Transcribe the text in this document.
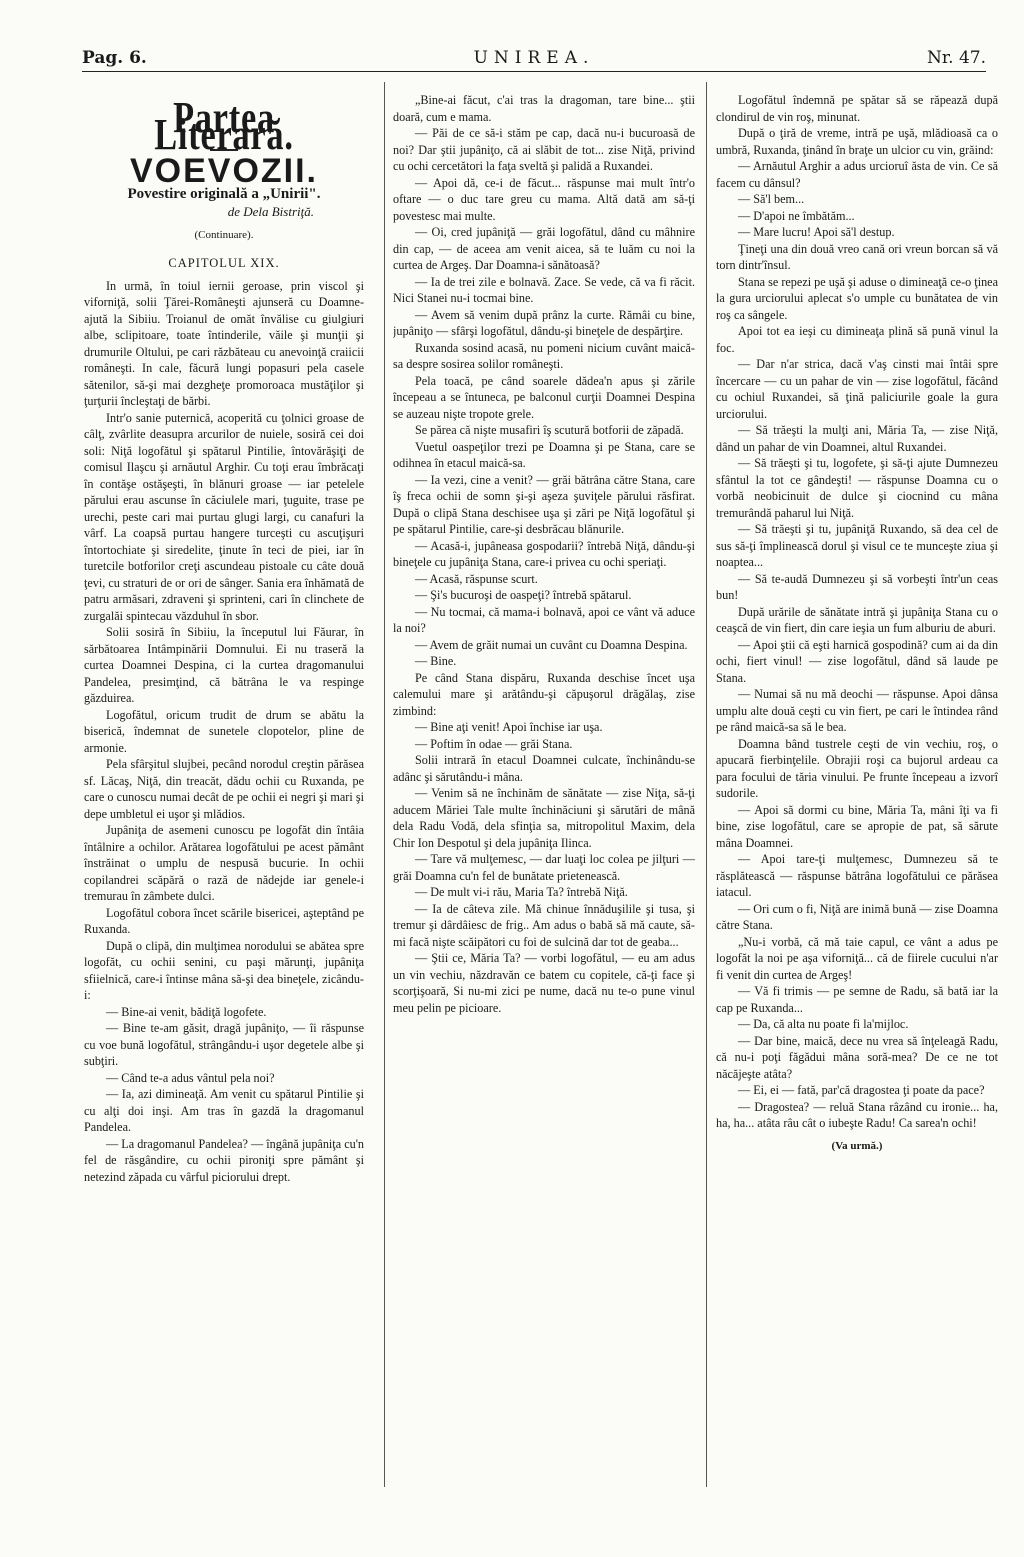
Pag. 6.	UNIREA.	Nr. 47.
Partea Literară.
VOEVOZII.
Povestire originală a „Unirii".
de Dela Bistriţă.
(Continuare).
CAPITOLUL XIX.

In urmă, în toiul iernii geroase, prin viscol şi viforniţă, solii Ţărei-Româneşti ajunseră cu Doamne-ajută la Sibiiu. Troianul de omăt învălise cu giulgiuri albe, sclipitoare, toate întinderile, văile şi munţii şi drumurile Oltului, pe cari răzbăteau cu anevoinţă craiicii româneşti. In cale, făcură lungi popasuri pela casele sătenilor, să-şi mai dezgheţe promoroaca mustăţilor şi ţurţurii încleştaţi de bărbi.

Intr'o sanie puternică, acoperită cu ţolnici groase de câlţ, zvârlite deasupra arcurilor de nuiele, sosiră cei doi soli: Niţă logofătul şi spătarul Pintilie, întovărăşiţi de comisul Ilaşcu şi arnăutul Arghir. Cu toţi erau îmbrăcaţi în contăşe ostăşeşti, în blănuri groase — iar petelele părului erau ascunse în căciulele mari, ţuguite, trase pe urechi, peste cari mai purtau glugi largi, cu canafuri la vârf. La coapsă purtau hangere turceşti cu ascuţişuri întortochiate şi siredelite, ţinute în teci de piei, iar în turetcile botforilor creţi ascundeau pistoale cu câte două ţevi, cu straturi de or ori de sânger. Sania era înhămată de patru armăsari, zdraveni şi sprinteni, cari în clinchete de zurgalăi spintecau văzduhul în sbor.

Solii sosiră în Sibiiu, la începutul lui Făurar, în sărbătoarea Intâmpinării Domnului. Ei nu traseră la curtea Doamnei Despina, ci la curtea dragomanului Pandelea, presimţind, că bătrâna le va respinge găzduirea.

Logofătul, oricum trudit de drum se abătu la biserică, îndemnat de sunetele clopotelor, pline de armonie.

Pela sfârşitul slujbei, pecând norodul creştin părăsea sf. Lăcaş, Niţă, din treacăt, dădu ochii cu Ruxanda, pe care o cunoscu numai decât de pe ochii ei negri şi mari şi depe umbletul ei uşor şi mlădios.

Jupâniţa de asemeni cunoscu pe logofăt din întâia întâlnire a ochilor. Arătarea logofătului pe acest pământ înstrăinat o umplu de nespusă bucurie. In ochii copilandrei scăpără o rază de nădejde iar genele-i tremurau în zâmbete dulci.

Logofătul cobora încet scările bisericei, aşteptând pe Ruxanda.

După o clipă, din mulţimea norodului se abătea spre logofăt, cu ochii senini, cu paşi mărunţi, jupâniţa sfiielnică, care-i întinse mâna să-şi dea bineţele, zicându-i:

— Bine-ai venit, bădiţă logofete.

— Bine te-am găsit, dragă jupâniţo, — îi răspunse cu voe bună logofătul, strângându-i uşor degetele albe şi subţiri.

— Când te-a adus vântul pela noi?

— Ia, azi dimineaţă. Am venit cu spătarul Pintilie şi cu alţi doi inşi. Am tras în gazdă la dragomanul Pandelea.

— La dragomanul Pandelea? — îngână jupâniţa cu'n fel de răsgândire, cu ochii pironiţi spre pământ şi netezind zăpada cu vârful piciorului drept.

„Bine-ai făcut, c'ai tras la dragoman, tare bine... ştii doară, cum e mama.

— Păi de ce să-i stăm pe cap, dacă nu-i bucuroasă de noi? Dar ştii jupâniţo, că ai slăbit de tot... zise Niţă, privind cu ochi cercetători la faţa sveltă şi palidă a Ruxandei.

— Apoi dă, ce-i de făcut... răspunse mai mult într'o oftare — o duc tare greu cu mama. Altă dată am să-ţi povestesc mai multe.

— Oi, cred jupâniţă — grăi logofătul, dând cu mâhnire din cap, — de aceea am venit aicea, să te luăm cu noi la curtea de Argeş. Dar Doamna-i sănătoasă?

— Ia de trei zile e bolnavă. Zace. Se vede, că va fi răcit. Nici Stanei nu-i tocmai bine.

— Avem să venim după prânz la curte. Rămâi cu bine, jupâniţo — sfârşi logofătul, dându-şi bineţele de despărţire.

Ruxanda sosind acasă, nu pomeni nicium cuvânt maică-sa despre sosirea solilor româneşti.

Pela toacă, pe când soarele dădea'n apus şi zările începeau a se întuneca, pe balconul curţii Doamnei Despina se auzeau nişte tropote grele.

Se părea că nişte musafiri îş scutură botforii de zăpadă.

Vuetul oaspeţilor trezi pe Doamna şi pe Stana, care se odihnea în etacul maică-sa.

— Ia vezi, cine a venit? — grăi bătrâna către Stana, care îş freca ochii de somn şi-şi aşeza şuviţele părului răsfirat. După o clipă Stana deschisee uşa şi zări pe Niţă logofătul şi pe spătarul Pintilie, care-şi desbrăcau blănurile.

— Acasă-i, jupâneasa gospodarii? întrebă Niţă, dându-şi bineţele cu jupâniţa Stana, care-i privea cu ochi speriaţi.

— Acasă, răspunse scurt.

— Şi's bucuroşi de oaspeţi? întrebă spătarul.

— Nu tocmai, că mama-i bolnavă, apoi ce vânt vă aduce la noi?

— Avem de grăit numai un cuvânt cu Doamna Despina.

— Bine.

Pe când Stana dispăru, Ruxanda deschise încet uşa calemului mare şi arătându-şi căpuşorul drăgălaş, zise zimbind:

— Bine aţi venit! Apoi închise iar uşa.

— Poftim în odae — grăi Stana.

Solii intrară în etacul Doamnei culcate, închinându-se adânc şi sărutându-i mâna.

— Venim să ne închinăm de sănătate — zise Niţa, să-ţi aducem Măriei Tale multe închinăciuni şi sărutări de mână dela Radu Vodă, dela sfinţia sa, mitropolitul Maxim, dela Chir Ion Despotul şi dela jupâniţa Ilinca.

— Tare vă mulţemesc, — dar luaţi loc colea pe jilţuri — grăi Doamna cu'n fel de bunătate prietenească.

— De mult vi-i rău, Maria Ta? întrebă Niţă.

— Ia de câteva zile. Mă chinue înnăduşilile şi tusa, şi tremur şi dârdâiesc de frig.. Am adus o babă să mă caute, să-mi facă nişte scăipători cu foi de sulcină dar tot de geaba...

— Ştii ce, Măria Ta? — vorbi logofătul, — eu am adus un vin vechiu, năzdravăn ce batem cu copitele, că-ţi face şi scorţişoară, Si nu-mi zici pe nume, dacă nu te-o pune vinul meu pelin pe picioare.

Logofătul îndemnă pe spătar să se răpează după clondirul de vin roş, minunat.

După o ţiră de vreme, intră pe uşă, mlădioasă ca o umbră, Ruxanda, ţinând în braţe un ulcior cu vin, grăind:

— Arnăutul Arghir a adus urcioruî ăsta de vin. Ce să facem cu dânsul?

— Să'l bem...

— D'apoi ne îmbătăm...

— Mare lucru! Apoi să'l destup.

Ţineţi una din două vreo cană ori vreun borcan să vă torn dintr'însul.

Stana se repezi pe uşă şi aduse o dimineaţă ce-o ţinea la gura urciorului aplecat s'o umple cu bunătatea de vin roş ca sângele.

Apoi tot ea ieşi cu dimineaţa plină să pună vinul la foc.

— Dar n'ar strica, dacă v'aş cinsti mai întâi spre încercare — cu un pahar de vin — zise logofătul, făcând cu ochiul Ruxandei, să ţină paliciurile goale la gura urciorului.

— Să trăeşti la mulţi ani, Măria Ta, — zise Niţă, dând un pahar de vin Doamnei, altul Ruxandei.

— Să trăeşti şi tu, logofete, şi să-ţi ajute Dumnezeu sfântul la tot ce gândeşti! — răspunse Doamna cu o vorbă neobicinuit de dulce şi ciocnind cu mâna tremurândă paharul lui Niţă.

— Să trăeşti şi tu, jupâniţă Ruxando, să dea cel de sus să-ţi împlinească dorul şi visul ce te munceşte ziua şi noaptea...

— Să te-audă Dumnezeu şi să vorbeşti într'un ceas bun!

După urările de sănătate intră şi jupâniţa Stana cu o ceaşcă de vin fiert, din care ieşia un fum alburiu de aburi.

— Apoi ştii că eşti harnică gospodină? cum ai da din ochi, fiert vinul! — zise logofătul, dând să laude pe Stana.

— Numai să nu mă deochi — răspunse. Apoi dânsa umplu alte două ceşti cu vin fiert, pe cari le întindea rând pe rând maică-sa să le bea.

Doamna bând tustrele ceşti de vin vechiu, roş, o apucară fierbinţelile. Obrajii roşi ca bujorul ardeau ca para focului de tăria vinului. Pe frunte începeau a izvorî sudorile.

— Apoi să dormi cu bine, Măria Ta, mâni îţi va fi bine, zise logofătul, care se apropie de pat, să sărute mâna Doamnei.

— Apoi tare-ţi mulţemesc, Dumnezeu să te răsplătească — răspunse bătrâna logofătului ce părăsea iatacul.

— Ori cum o fi, Niţă are inimă bună — zise Doamna către Stana.

„Nu-i vorbă, că mă taie capul, ce vânt a adus pe logofăt la noi pe aşa viforniţă... că de fiirele cucului n'ar fi venit din curtea de Argeş!

— Vă fi trimis — pe semne de Radu, să bată iar la cap pe Ruxanda...

— Da, că alta nu poate fi la'mijloc.

— Dar bine, maică, dece nu vrea să înţeleagă Radu, că nu-i poţi făgădui mâna soră-mea? De ce ne tot năcăjeşte atâta?

— Ei, ei — fată, par'că dragostea ţi poate da pace?

— Dragostea? — reluă Stana râzând cu ironie... ha, ha, ha... atâta râu cât o iubeşte Radu! Ca sarea'n ochi!

(Va urmă.)
